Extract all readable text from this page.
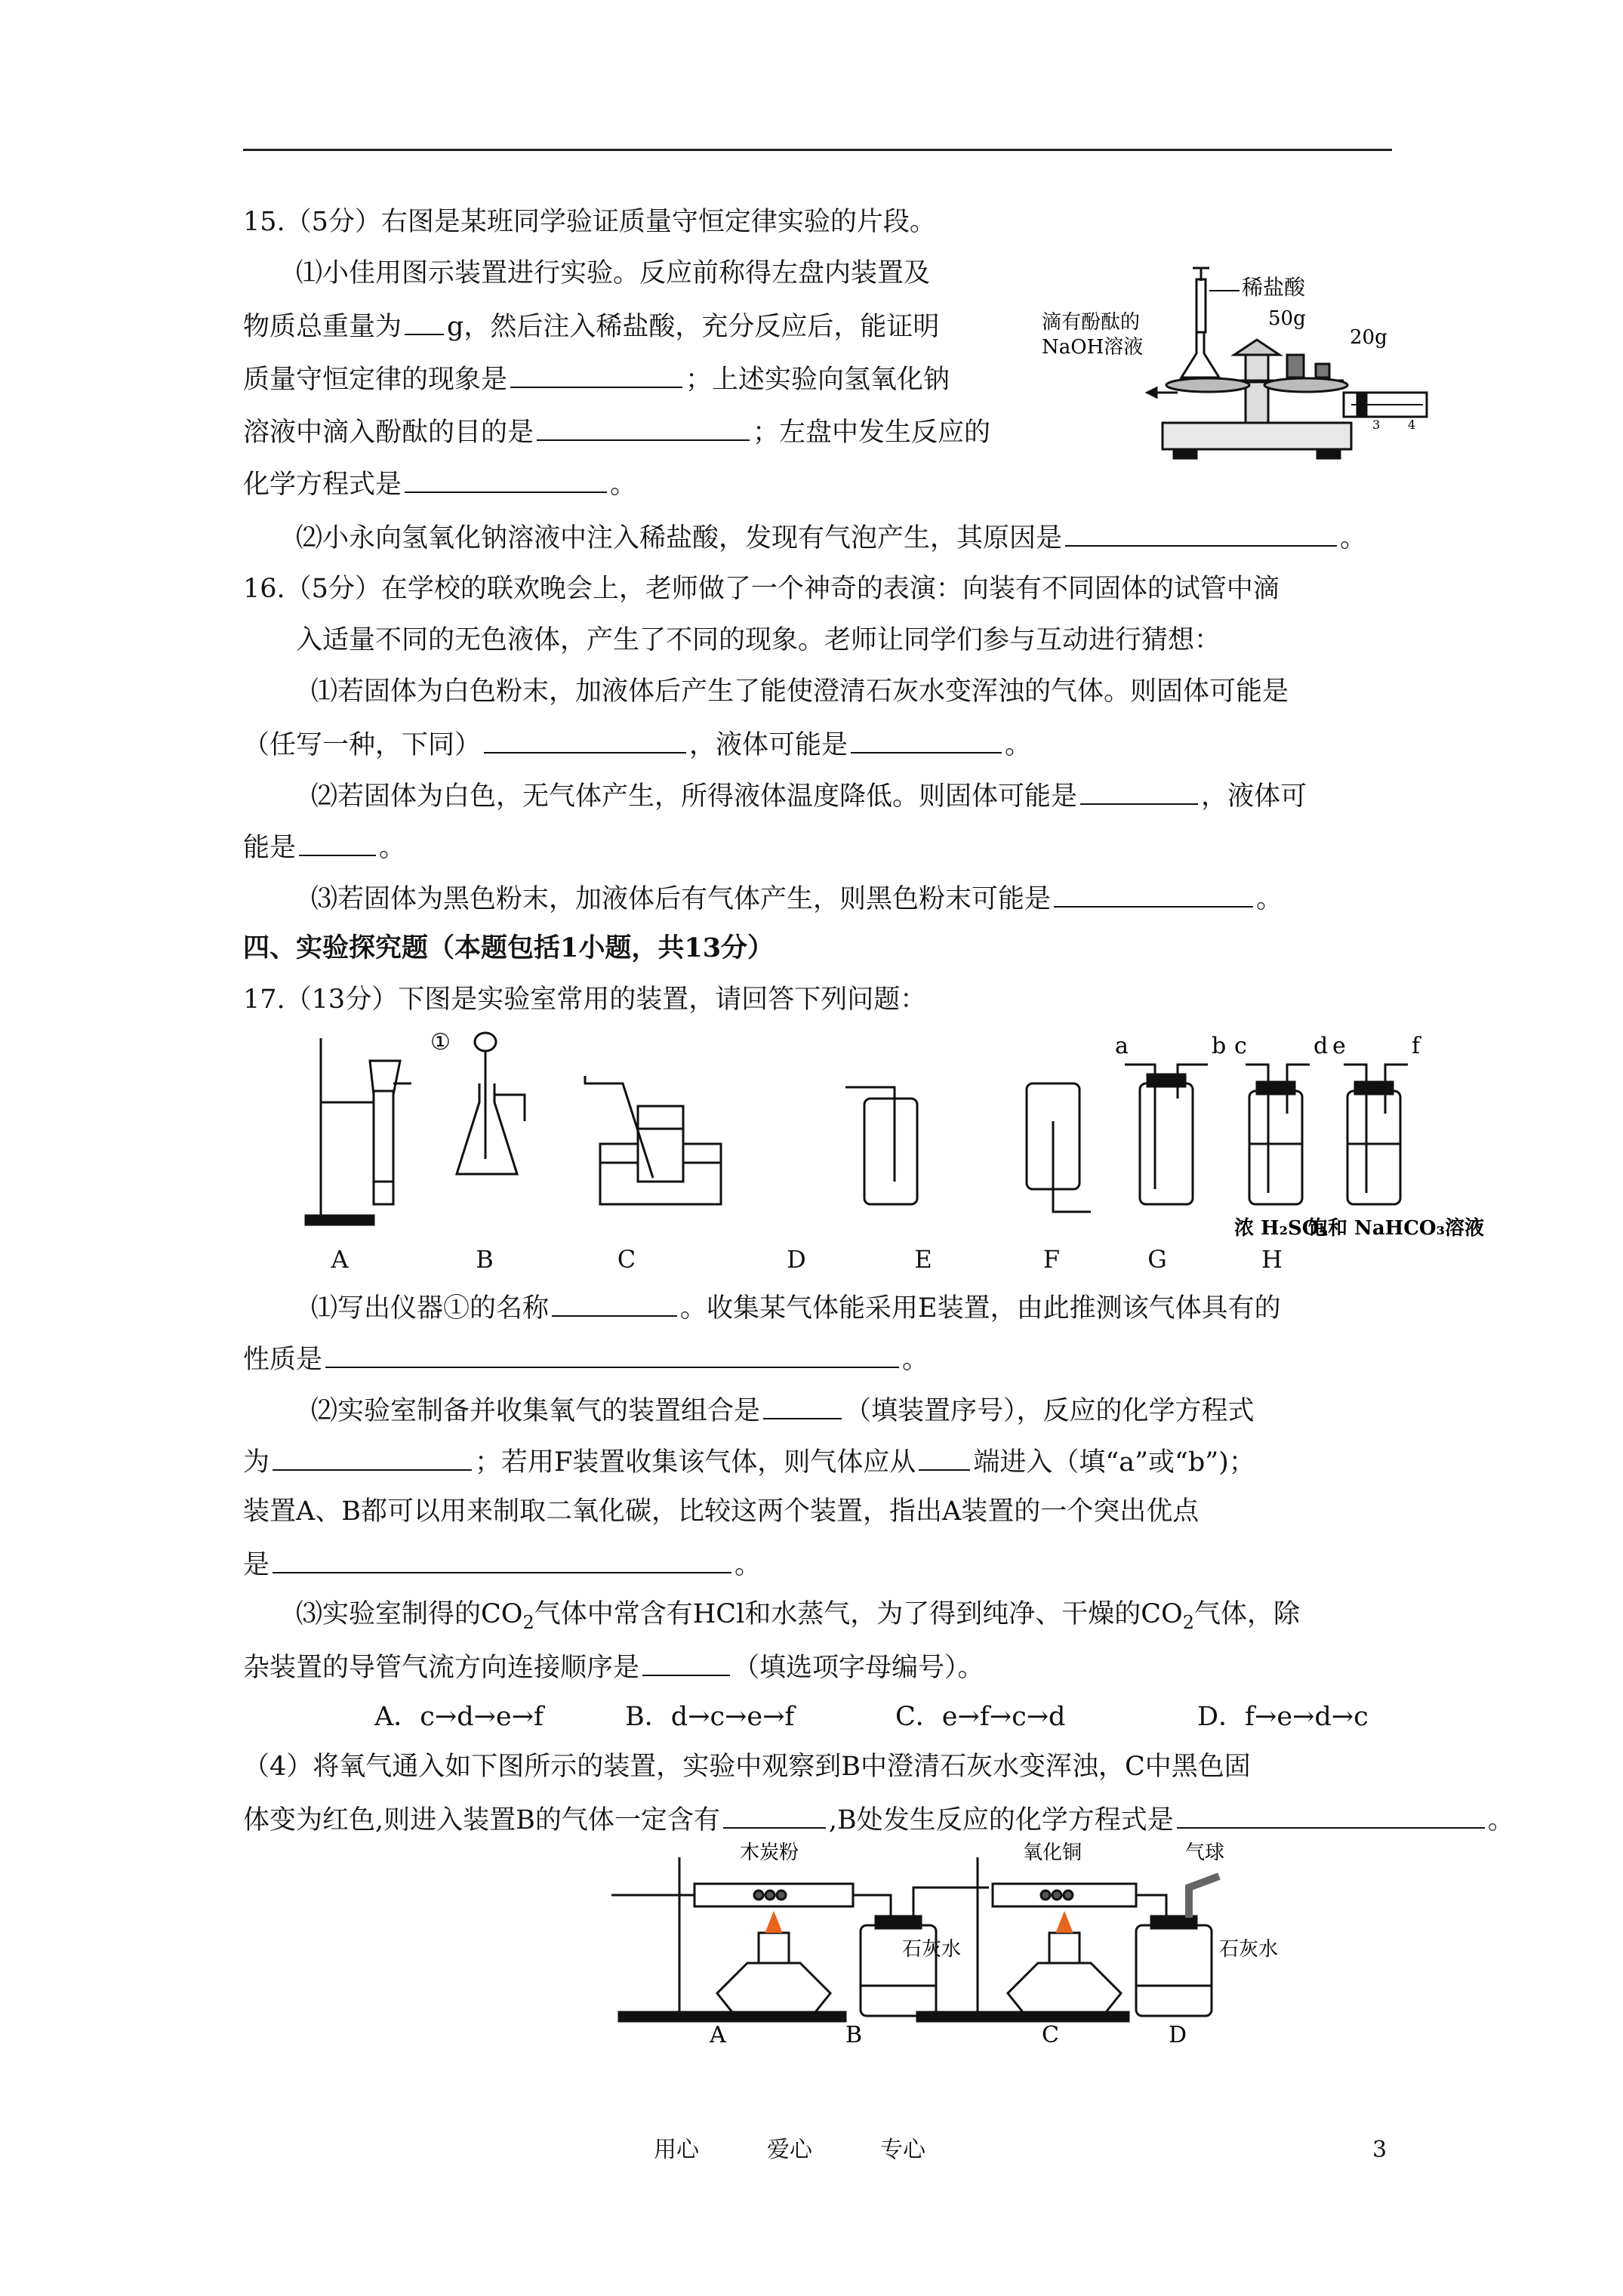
15.（5分）右图是某班同学验证质量守恒定律实验的片段。
⑴小佳用图示装置进行实验。反应前称得左盘内装置及
物质总重量为 g，然后注入稀盐酸，充分反应后，能证明
质量守恒定律的现象是	；上述实验向氢氧化钠
溶液中滴入酚酞的目的是	；左盘中发生反应的
化学方程式是	。
⑵小永向氢氧化钠溶液中注入稀盐酸，发现有气泡产生，其原因是	。
稀盐酸
滴有酚酞的
NaOH溶液
50g
20g
3 4
16.（5分）在学校的联欢晚会上，老师做了一个神奇的表演：向装有不同固体的试管中滴
入适量不同的无色液体，产生了不同的现象。老师让同学们参与互动进行猜想：
⑴若固体为白色粉末，加液体后产生了能使澄清石灰水变浑浊的气体。则固体可能是
（任写一种，下同）	，液体可能是	。
⑵若固体为白色，无气体产生，所得液体温度降低。则固体可能是	，液体可
能是	。
⑶若固体为黑色粉末，加液体后有气体产生，则黑色粉末可能是	。
四、实验探究题（本题包括1小题，共13分）
17.（13分）下图是实验室常用的装置，请回答下列问题：
①	a	b c	d e	f
浓 H₂SO₄
饱和 NaHCO₃溶液
A	B	C	D	E	F	G	H
⑴写出仪器①的名称	。收集某气体能采用E装置，由此推测该气体具有的
性质是	。
⑵实验室制备并收集氧气的装置组合是	（填装置序号），反应的化学方程式
为	；若用F装置收集该气体，则气体应从 端进入（填“a”或“b”)；
装置A、B都可以用来制取二氧化碳，比较这两个装置，指出A装置的一个突出优点
是	。
⑶实验室制得的$CO_2$气体中常含有HCl和水蒸气，为了得到纯净、干燥的$CO_2$气体，除
杂装置的导管气流方向连接顺序是	（填选项字母编号）。
A．c→d→e→f	B．d→c→e→f	C．e→f→c→d	D．f→e→d→c
（4）将氧气通入如下图所示的装置，实验中观察到B中澄清石灰水变浑浊，C中黑色固
体变为红色,则进入装置B的气体一定含有	,B处发生反应的化学方程式是	。
木炭粉	氧化铜	气球
石灰水	石灰水
A	B	C	D
用心	爱心	专心	3
